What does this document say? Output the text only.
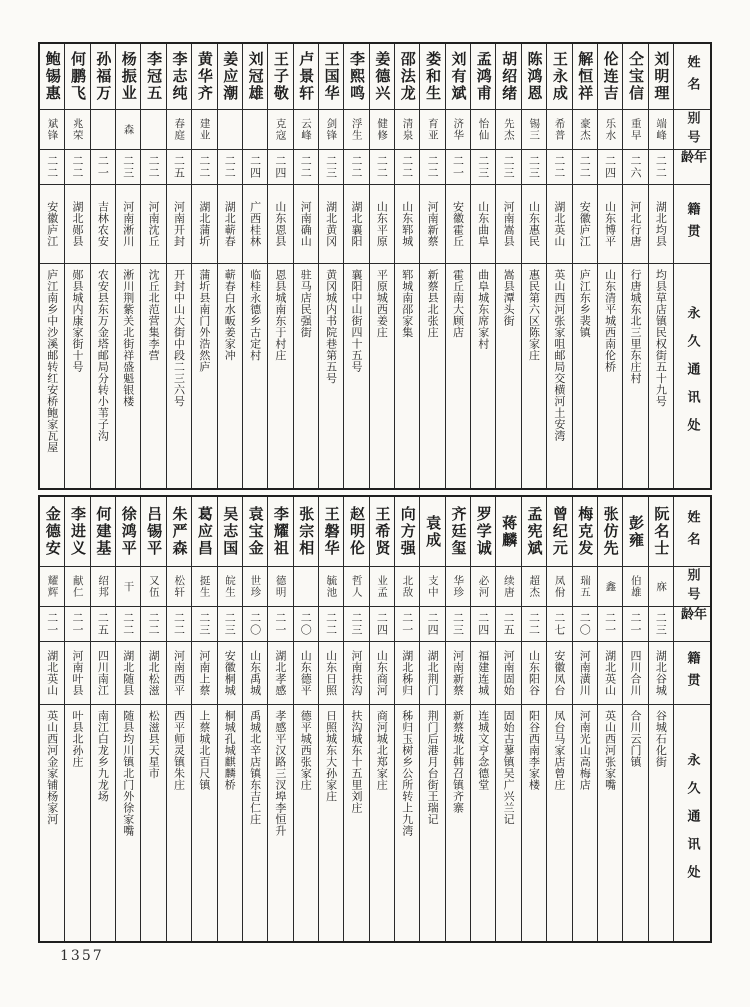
姓名
别号
年龄
籍贯
永久通讯处
刘明理
端峰
二二
湖北均县
均县草店镇民权街五十九号
仝宝信
重早
二六
河北行唐
行唐城东北三里东庄村
伦连吉
乐水
二四
山东博平
山东清平城西南伦桥
解恒祥
豪杰
二二
安徽庐江
庐江东乡裴镇
王永成
希普
二二
湖北英山
英山西河张家咀邮局交横河土安湾
陈鸿恩
锡三
二三
山东惠民
惠民第六区陈家庄
胡绍绪
先杰
二三
河南嵩县
嵩县潭头街
孟鸿甫
怡仙
二三
山东曲阜
曲阜城东席家村
刘有斌
济华
二一
安徽霍丘
霍丘南大顾店
娄和生
育亚
二二
河南新蔡
新蔡县北张庄
邵法龙
清泉
二二
山东郓城
郓城南邵家集
姜德兴
健修
二二
山东平原
平原城西姜庄
李熙鸣
浮生
二二
湖北襄阳
襄阳中山街四十五号
王国华
剑锋
二三
湖北黄冈
黄冈城内书院巷第五号
卢景轩
云峰
二二
河南确山
驻马店民强街
王子敬
克寇
二四
山东恩县
恩县城南东于村庄
刘冠雄
二四
广西桂林
临桂永德乡古定村
姜应潮
二二
湖北蕲春
蕲春白水畈姜家冲
黄华齐
建业
二二
湖北蒲圻
蒲圻县南门外浩然庐
李志纯
春庭
二五
河南开封
开封中山大街中段二三六号
李冠五
二二
河南沈丘
沈丘北范营集李营
杨振业
森
二三
河南淅川
淅川荆紫关北街祥盛魁银楼
孙福万
二一
吉林农安
农安县东万金塔邮局分转小苇子沟
何鹏飞
兆荣
二二
湖北郧县
郧县城内康家街十号
鲍锡惠
斌锋
二二
安徽庐江
庐江南乡中沙溪邮转红安桥鲍家瓦屋
姓名
别号
年龄
籍贯
永久通讯处
阮名士
庥
二三
湖北谷城
谷城石化街
彭雍
伯雄
二一
四川合川
合川云门镇
张仿先
鑫
二一
湖北英山
英山西河张家嘴
梅克发
瑞五
二〇
河南潢川
河南光山高梅店
曾纪元
凤佾
二七
安徽凤台
凤台马家店曾庄
孟宪斌
超杰
二二
山东阳谷
阳谷西南李家楼
蒋麟
续唐
二五
河南固始
固始古蓼镇吴广兴兰记
罗学诚
必河
二四
福建连城
连城文亨念德堂
齐廷玺
华珍
二三
河南新蔡
新蔡城北韩召镇齐寨
袁成
支中
二四
湖北荆门
荆门后港月台街王瑞记
向方强
北敌
二一
湖北秭归
秭归玉树乡公所转上九湾
王希贤
业孟
二四
山东商河
商河城北郑家庄
赵明伦
哲人
二三
河南扶沟
扶沟城东十五里刘庄
王磐华
毓池
二二
山东日照
日照城东大孙家庄
张宗相
二〇
山东德平
德平城西张家庄
李耀祖
德明
二一
湖北孝感
孝感平汉路三汊埠李恒升
袁宝金
世珍
二〇
山东禹城
禹城北辛店镇东吉仁庄
吴志国
皖生
二三
安徽桐城
桐城孔城麒麟桥
葛应昌
挺生
二三
河南上蔡
上蔡城北百尺镇
朱严森
松轩
二二
河南西平
西平师灵镇朱庄
吕锡平
又伍
二二
湖北松滋
松滋县天星市
徐鸿平
干
二二
湖北随县
随县均川镇北门外徐家嘴
何建基
绍邦
二五
四川南江
南江白龙乡九龙场
李进义
献仁
二一
河南叶县
叶县北孙庄
金德安
耀辉
二一
湖北英山
英山西河金家铺杨家河
1357
